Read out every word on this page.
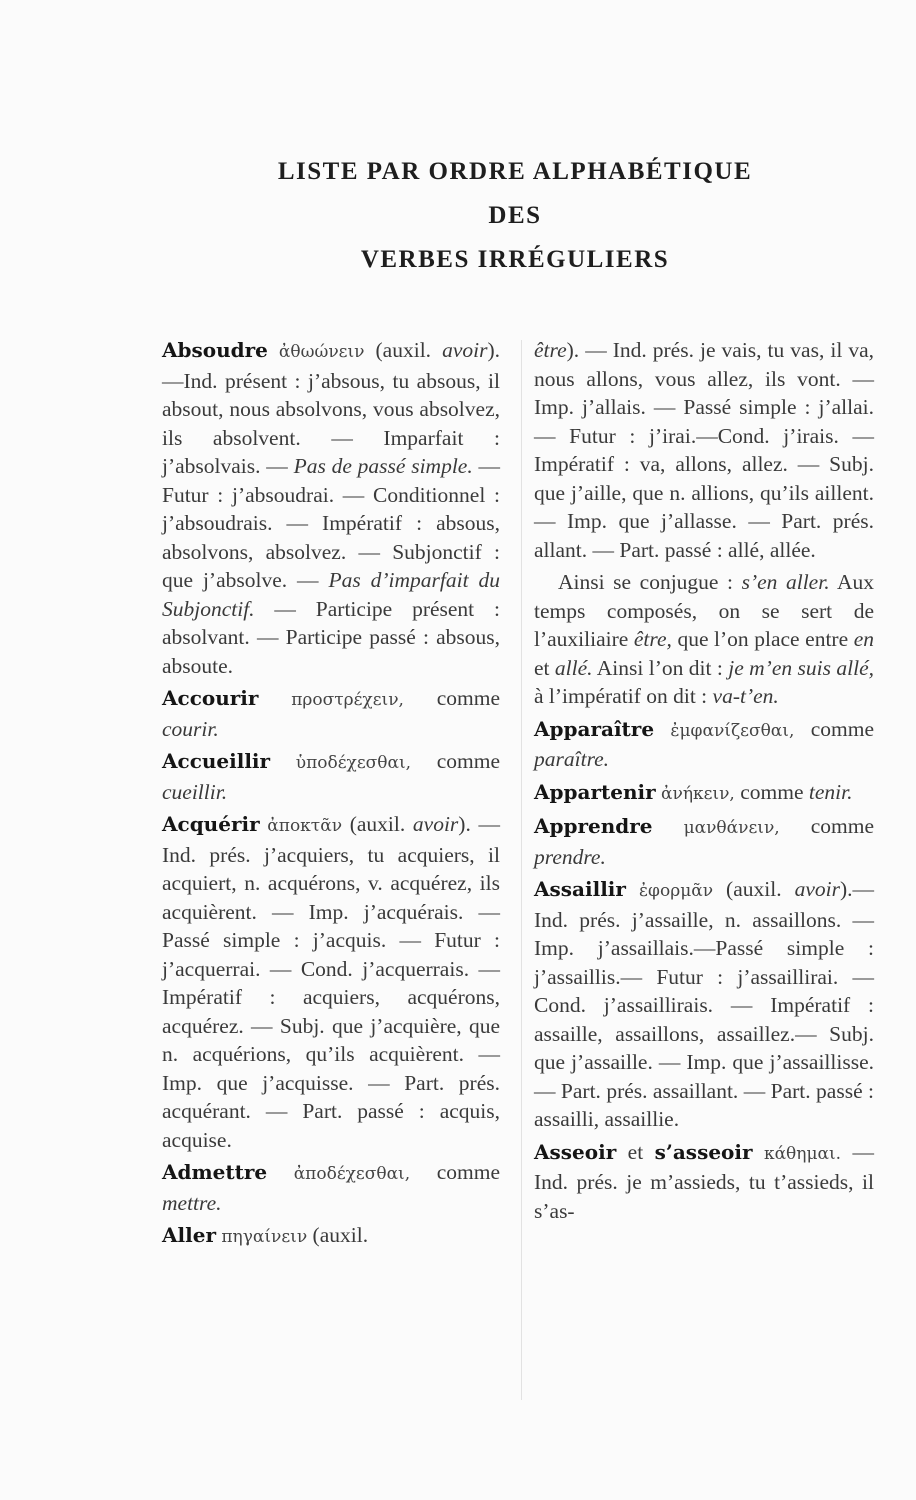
LISTE PAR ORDRE ALPHABÉTIQUE
DES
VERBES IRRÉGULIERS

Absoudre ἀθωώνειν (auxil. avoir).—Ind. présent : j’absous, tu absous, il absout, nous absolvons, vous absolvez, ils absolvent. — Imparfait : j’absolvais. — Pas de passé simple. — Futur : j’absoudrai. — Conditionnel : j’absoudrais. — Impératif : absous, absolvons, absolvez. — Subjonctif : que j’absolve. — Pas d’imparfait du Subjonctif. — Participe présent : absolvant. — Participe passé : absous, absoute.

Accourir προστρέχειν, comme courir.

Accueillir ὑποδέχεσθαι, comme cueillir.

Acquérir ἀποκτᾶν (auxil. avoir). — Ind. prés. j’acquiers, tu acquiers, il acquiert, n. acquérons, v. acquérez, ils acquièrent. — Imp. j’acquérais. — Passé simple : j’acquis. — Futur : j’acquerrai. — Cond. j’acquerrais. — Impératif : acquiers, acquérons, acquérez. — Subj. que j’acquière, que n. acquérions, qu’ils acquièrent. — Imp. que j’acquisse. — Part. prés. acquérant. — Part. passé : acquis, acquise.

Admettre ἀποδέχεσθαι, comme mettre.

Aller πηγαίνειν (auxil.

être). — Ind. prés. je vais, tu vas, il va, nous allons, vous allez, ils vont. — Imp. j’allais. — Passé simple : j’allai. — Futur : j’irai.—Cond. j’irais. — Impératif : va, allons, allez. — Subj. que j’aille, que n. allions, qu’ils aillent. — Imp. que j’allasse. — Part. prés. allant. — Part. passé : allé, allée.

Ainsi se conjugue : s’en aller. Aux temps composés, on se sert de l’auxiliaire être, que l’on place entre en et allé. Ainsi l’on dit : je m’en suis allé, à l’impératif on dit : va-t’en.

Apparaître ἐμφανίζεσθαι, comme paraître.

Appartenir ἀνήκειν, comme tenir.

Apprendre μανθάνειν, comme prendre.

Assaillir ἐφορμᾶν (auxil. avoir).—Ind. prés. j’assaille, n. assaillons. — Imp. j’assaillais.—Passé simple : j’assaillis.— Futur : j’assaillirai. — Cond. j’assaillirais. — Impératif : assaille, assaillons, assaillez.— Subj. que j’assaille. — Imp. que j’assaillisse. — Part. prés. assaillant. — Part. passé : assailli, assaillie.

Asseoir et s’asseoir κάθημαι. — Ind. prés. je m’assieds, tu t’assieds, il s’as-
